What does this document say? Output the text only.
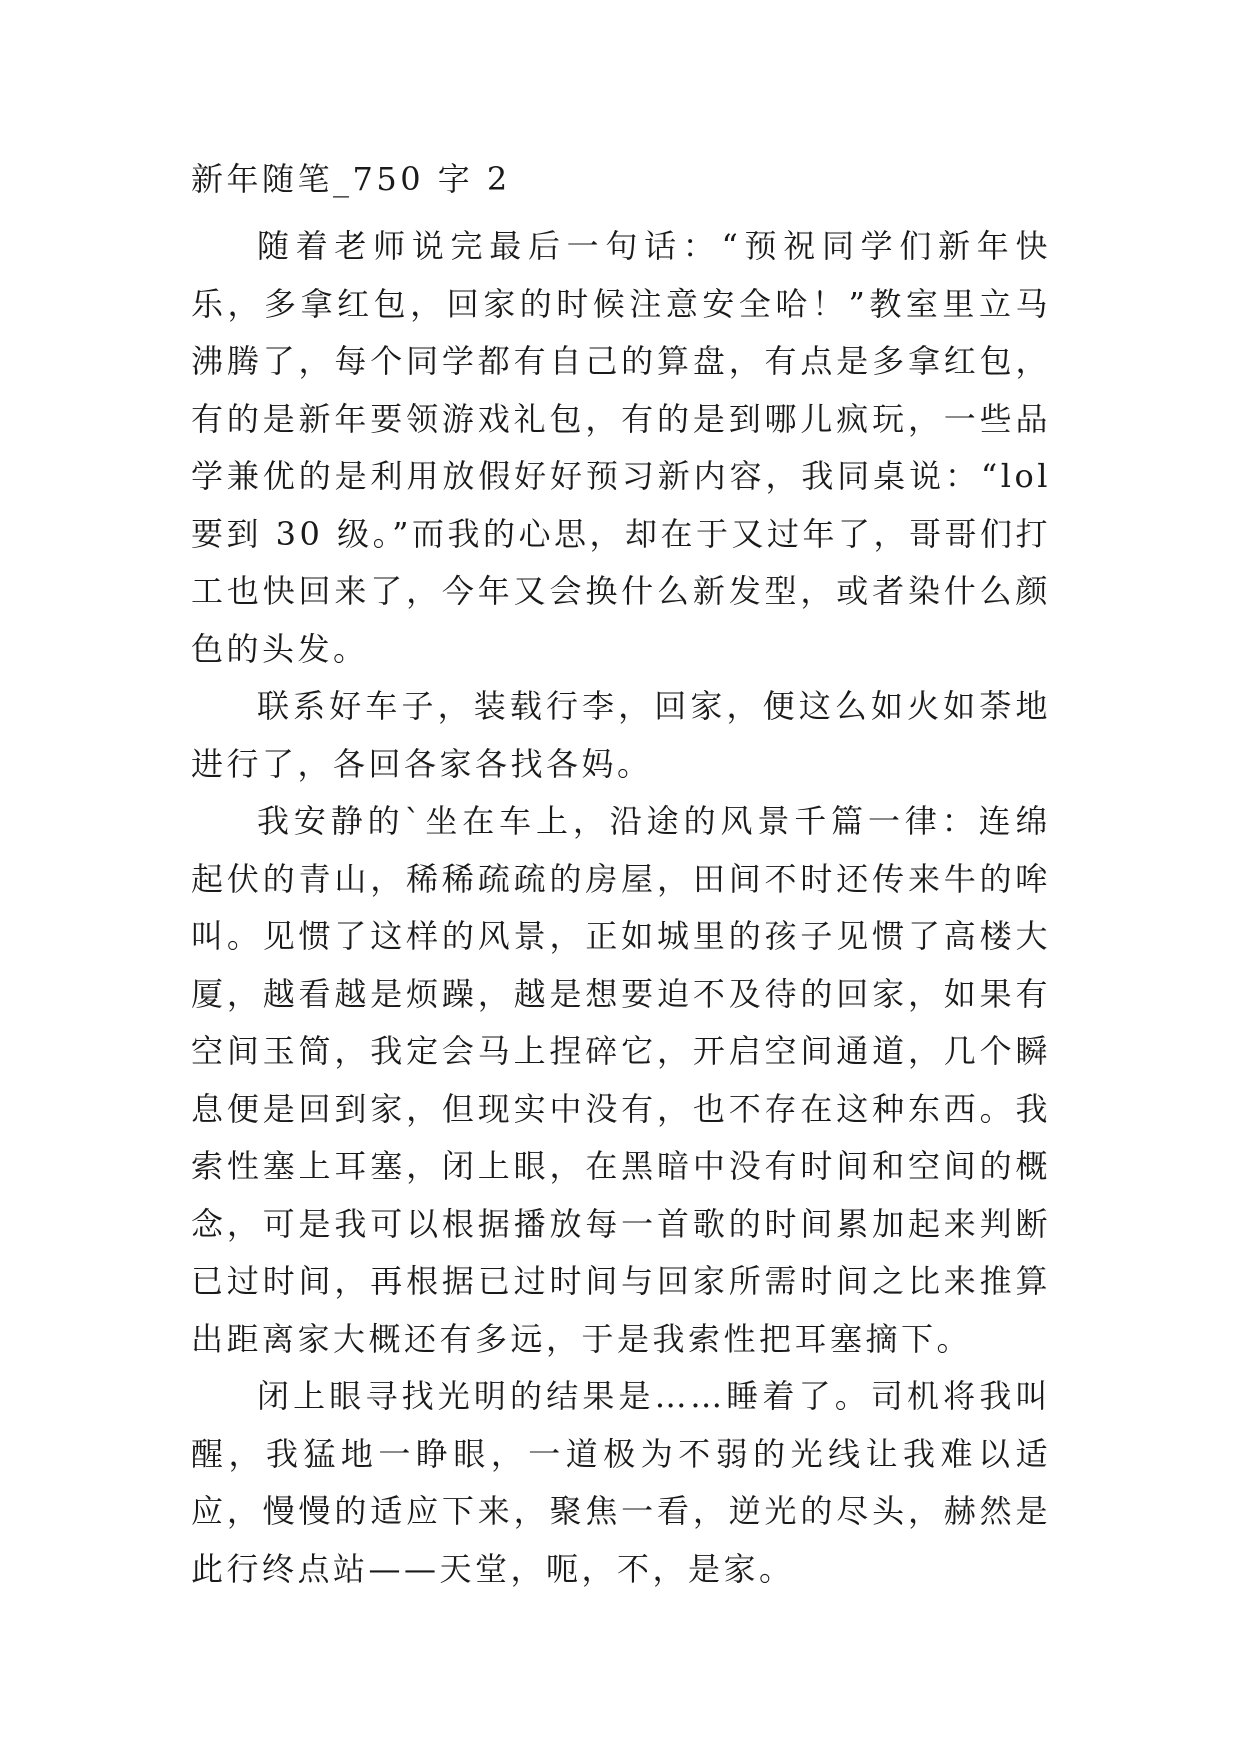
新年随笔_750 字 2

随着老师说完最后一句话：“预祝同学们新年快乐，多拿红包，回家的时候注意安全哈！”教室里立马沸腾了，每个同学都有自己的算盘，有点是多拿红包，有的是新年要领游戏礼包，有的是到哪儿疯玩，一些品学兼优的是利用放假好好预习新内容，我同桌说：“lol 要到 30 级。”而我的心思，却在于又过年了，哥哥们打工也快回来了，今年又会换什么新发型，或者染什么颜色的头发。

联系好车子，装载行李，回家，便这么如火如荼地进行了，各回各家各找各妈。

我安静的`坐在车上，沿途的风景千篇一律：连绵起伏的青山，稀稀疏疏的房屋，田间不时还传来牛的哞叫。见惯了这样的风景，正如城里的孩子见惯了高楼大厦，越看越是烦躁，越是想要迫不及待的回家，如果有空间玉简，我定会马上捏碎它，开启空间通道，几个瞬息便是回到家，但现实中没有，也不存在这种东西。我索性塞上耳塞，闭上眼，在黑暗中没有时间和空间的概念，可是我可以根据播放每一首歌的时间累加起来判断已过时间，再根据已过时间与回家所需时间之比来推算出距离家大概还有多远，于是我索性把耳塞摘下。

闭上眼寻找光明的结果是……睡着了。司机将我叫醒，我猛地一睁眼，一道极为不弱的光线让我难以适应，慢慢的适应下来，聚焦一看，逆光的尽头，赫然是此行终点站——天堂，呃，不，是家。
